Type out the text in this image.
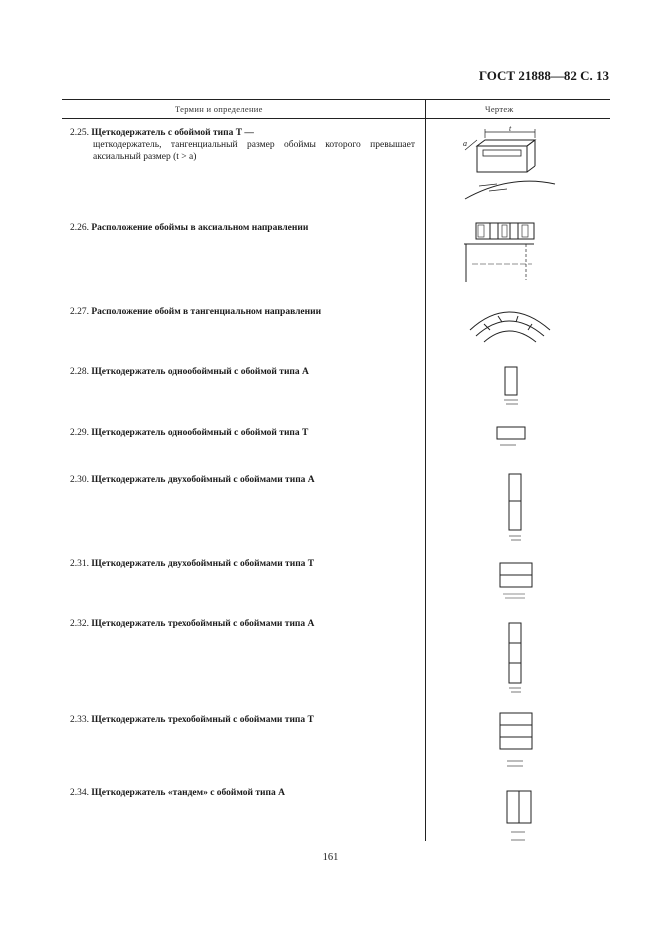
ГОСТ 21888—82 С. 13
Термин и определение	Чертеж
2.25. Щеткодержатель с обоймой типа Т —
щеткодержатель, тангенциальный размер обоймы которого превышает аксиальный размер (t > a)
2.26. Расположение обоймы в аксиальном направлении
2.27. Расположение обойм в тангенциальном направлении
2.28. Щеткодержатель однообоймный с обоймой типа А
2.29. Щеткодержатель однообоймный с обоймой типа Т
2.30. Щеткодержатель двухобоймный с обоймами типа А
2.31. Щеткодержатель двухобоймный с обоймами типа Т
2.32. Щеткодержатель трехобоймный с обоймами типа А
2.33. Щеткодержатель трехобоймный с обоймами типа Т
2.34. Щеткодержатель «тандем» с обоймой типа А
t
a
161
